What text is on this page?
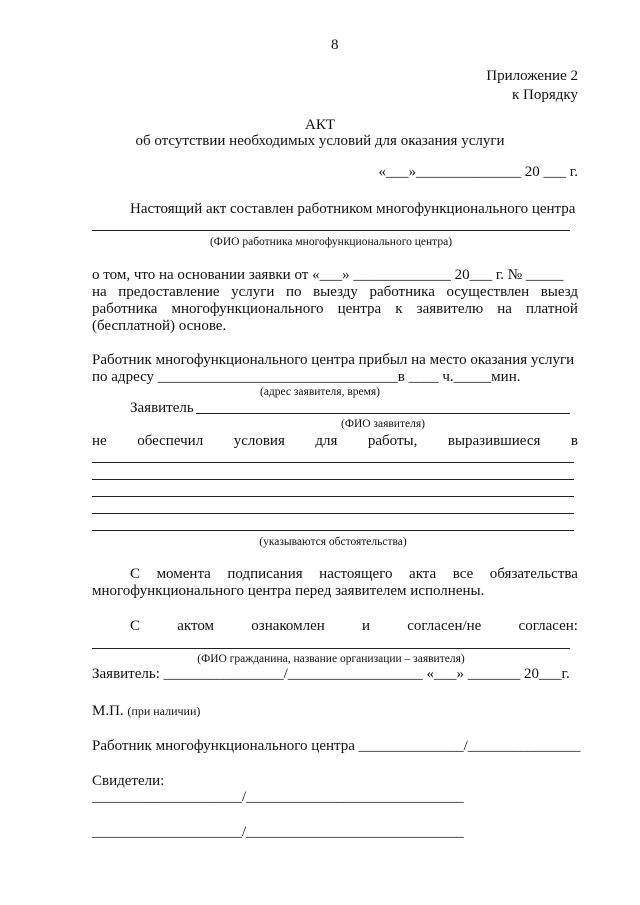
8
Приложение 2
к Порядку
АКТ
об отсутствии необходимых условий для оказания услуги
«___»______________ 20 ___ г.
Настоящий акт составлен работником многофункционального центра
(ФИО работника многофункционального центра)
о том, что на основании заявки от «___» _____________ 20___ г. № _____
на предоставление услуги по выезду работника осуществлен выезд
работника многофункционального центра к заявителю на платной
(бесплатной) основе.
Работник многофункционального центра прибыл на место оказания услуги
по адресу ________________________________в ____ ч._____мин.
(адрес заявителя, время)
Заявитель
(ФИО заявителя)
не обеспечил условия для работы, выразившиеся в
(указываются обстоятельства)
С момента подписания настоящего акта все обязательства
многофункционального центра перед заявителем исполнены.
С актом ознакомлен и согласен/не согласен:
(ФИО гражданина, название организации – заявителя)
Заявитель: ________________/__________________ «___» _______ 20___г.
М.П. (при наличии)
Работник многофункционального центра ______________/_______________
Свидетели:
____________________/_____________________________
____________________/_____________________________
